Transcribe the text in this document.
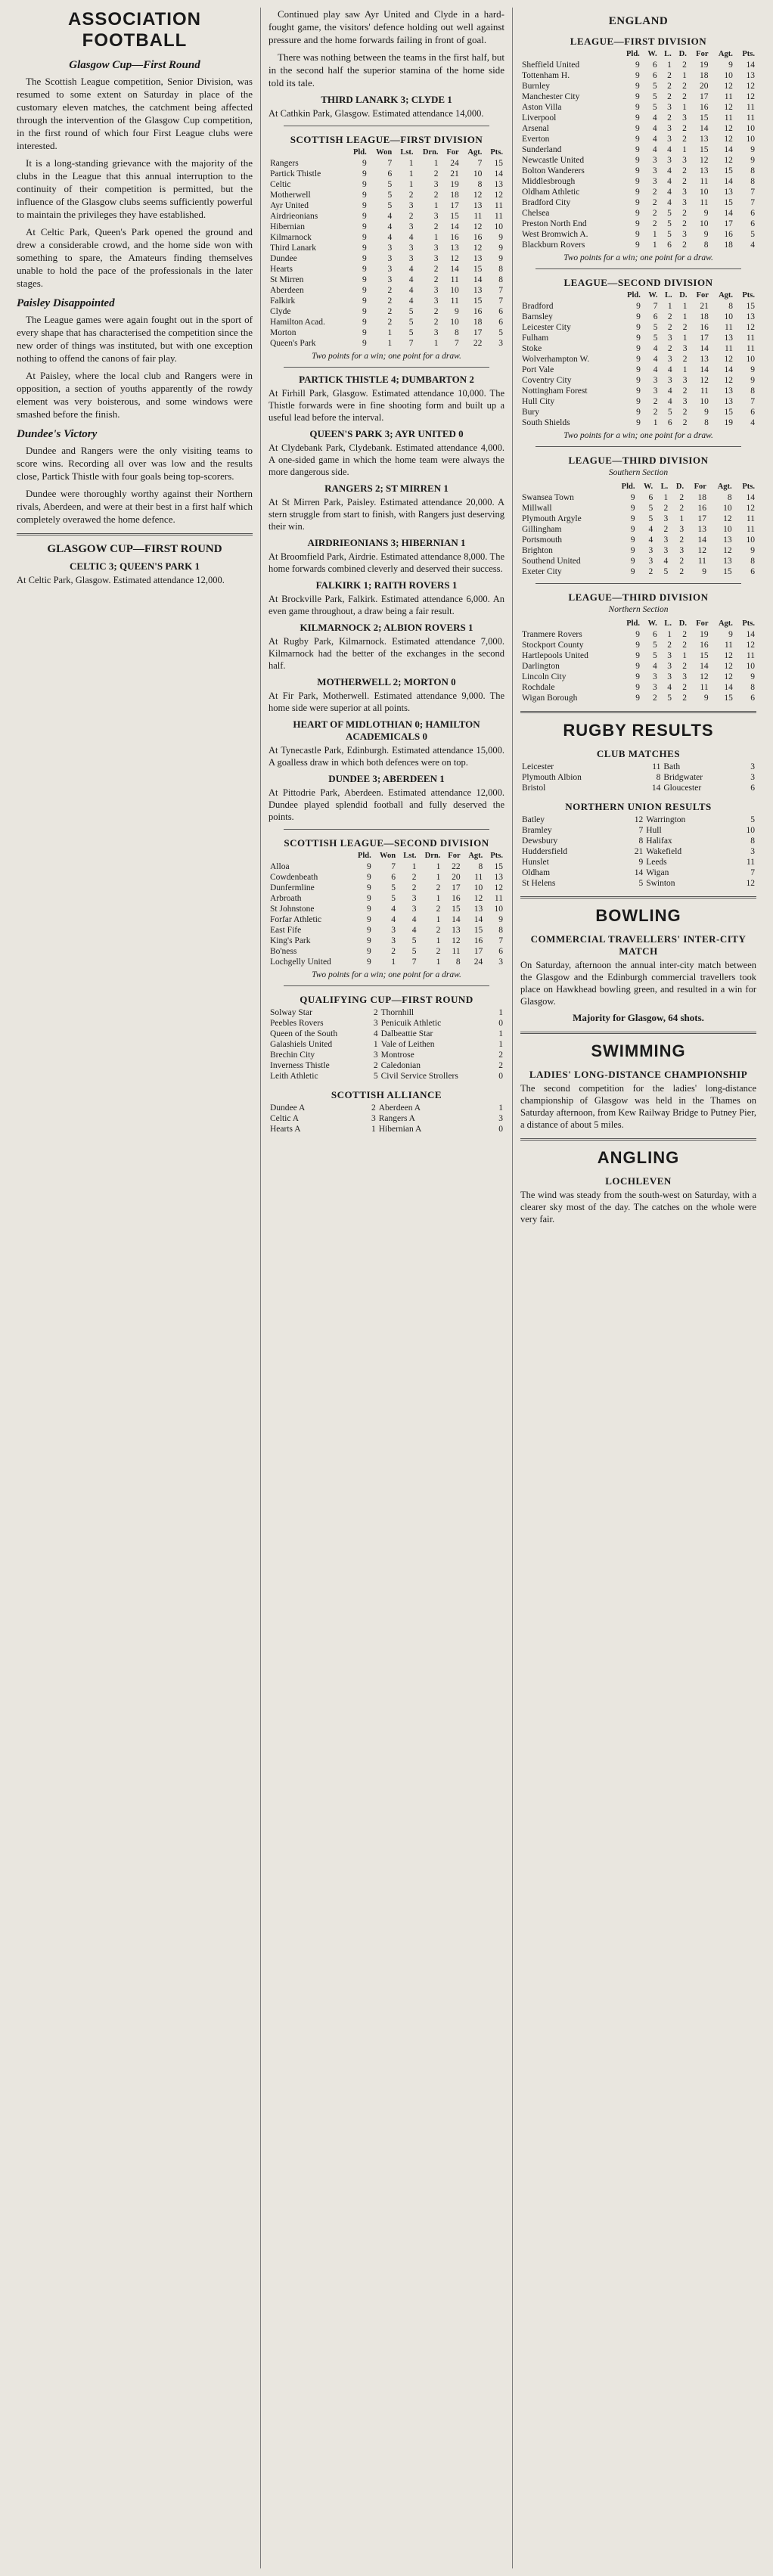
ASSOCIATION FOOTBALL
Glasgow Cup—First Round

The Scottish League competition, Senior Division, was resumed to some extent on Saturday in place of the customary eleven matches, the catchment being affected through the intervention of the Glasgow Cup competition, in the first round of which four First League clubs were interested.

It is a long-standing grievance with the majority of the clubs in the League that this annual interruption to the continuity of their competition is permitted, but the influence of the Glasgow clubs seems sufficiently powerful to maintain the privileges they have established.

At Celtic Park, Queen's Park opened the ground and drew a considerable crowd, and the home side won with something to spare, the Amateurs finding themselves unable to hold the pace of the professionals in the later stages.

Paisley Disappointed

The League games were again fought out in the sport of every shape that has characterised the competition since the new order of things was instituted, but with one exception nothing to offend the canons of fair play.

At Paisley, where the local club and Rangers were in opposition, a section of youths apparently of the rowdy element was very boisterous, and some windows were smashed before the finish.

Dundee's Victory

Dundee and Rangers were the only visiting teams to score wins. Recording all over was low and the results close, Partick Thistle with four goals being top-scorers.

Dundee were thoroughly worthy against their Northern rivals, Aberdeen, and were at their best in a first half which completely overawed the home defence.

GLASGOW CUP—FIRST ROUND
CELTIC 3; QUEEN'S PARK 1

At Celtic Park, Glasgow. Estimated attendance 12,000.

Continued play saw Ayr United and Clyde in a hard-fought game, the visitors' defence holding out well against pressure and the home forwards failing in front of goal.

There was nothing between the teams in the first half, but in the second half the superior stamina of the home side told its tale.

THIRD LANARK 3; CLYDE 1

At Cathkin Park, Glasgow. Estimated attendance 14,000.

SCOTTISH LEAGUE—FIRST DIVISION
	Pld.	Won	Lst.	Drn.	For	Agt.	Pts.
Rangers	9	7	1	1	24	7	15
Partick Thistle	9	6	1	2	21	10	14
Celtic	9	5	1	3	19	8	13
Motherwell	9	5	2	2	18	12	12
Ayr United	9	5	3	1	17	13	11
Airdrieonians	9	4	2	3	15	11	11
Hibernian	9	4	3	2	14	12	10
Kilmarnock	9	4	4	1	16	16	9
Third Lanark	9	3	3	3	13	12	9
Dundee	9	3	3	3	12	13	9
Hearts	9	3	4	2	14	15	8
St Mirren	9	3	4	2	11	14	8
Aberdeen	9	2	4	3	10	13	7
Falkirk	9	2	4	3	11	15	7
Clyde	9	2	5	2	9	16	6
Hamilton Acad.	9	2	5	2	10	18	6
Morton	9	1	5	3	8	17	5
Queen's Park	9	1	7	1	7	22	3
Two points for a win; one point for a draw.
PARTICK THISTLE 4; DUMBARTON 2

At Firhill Park, Glasgow. Estimated attendance 10,000. The Thistle forwards were in fine shooting form and built up a useful lead before the interval.

QUEEN'S PARK 3; AYR UNITED 0

At Clydebank Park, Clydebank. Estimated attendance 4,000. A one-sided game in which the home team were always the more dangerous side.

RANGERS 2; ST MIRREN 1

At St Mirren Park, Paisley. Estimated attendance 20,000. A stern struggle from start to finish, with Rangers just deserving their win.

AIRDRIEONIANS 3; HIBERNIAN 1

At Broomfield Park, Airdrie. Estimated attendance 8,000. The home forwards combined cleverly and deserved their success.

FALKIRK 1; RAITH ROVERS 1

At Brockville Park, Falkirk. Estimated attendance 6,000. An even game throughout, a draw being a fair result.

KILMARNOCK 2; ALBION ROVERS 1

At Rugby Park, Kilmarnock. Estimated attendance 7,000. Kilmarnock had the better of the exchanges in the second half.

MOTHERWELL 2; MORTON 0

At Fir Park, Motherwell. Estimated attendance 9,000. The home side were superior at all points.

HEART OF MIDLOTHIAN 0; HAMILTON ACADEMICALS 0

At Tynecastle Park, Edinburgh. Estimated attendance 15,000. A goalless draw in which both defences were on top.

DUNDEE 3; ABERDEEN 1

At Pittodrie Park, Aberdeen. Estimated attendance 12,000. Dundee played splendid football and fully deserved the points.

SCOTTISH LEAGUE—SECOND DIVISION
	Pld.	Won	Lst.	Drn.	For	Agt.	Pts.
Alloa	9	7	1	1	22	8	15
Cowdenbeath	9	6	2	1	20	11	13
Dunfermline	9	5	2	2	17	10	12
Arbroath	9	5	3	1	16	12	11
St Johnstone	9	4	3	2	15	13	10
Forfar Athletic	9	4	4	1	14	14	9
East Fife	9	3	4	2	13	15	8
King's Park	9	3	5	1	12	16	7
Bo'ness	9	2	5	2	11	17	6
Lochgelly United	9	1	7	1	8	24	3
Two points for a win; one point for a draw.
QUALIFYING CUP—FIRST ROUND
Solway Star	2	Thornhill	1
Peebles Rovers	3	Penicuik Athletic	0
Queen of the South	4	Dalbeattie Star	1
Galashiels United	1	Vale of Leithen	1
Brechin City	3	Montrose	2
Inverness Thistle	2	Caledonian	2
Leith Athletic	5	Civil Service Strollers	0
SCOTTISH ALLIANCE
Dundee A	2	Aberdeen A	1
Celtic A	3	Rangers A	3
Hearts A	1	Hibernian A	0
ENGLAND
LEAGUE—FIRST DIVISION
	Pld.	W.	L.	D.	For	Agt.	Pts.
Sheffield United	9	6	1	2	19	9	14
Tottenham H.	9	6	2	1	18	10	13
Burnley	9	5	2	2	20	12	12
Manchester City	9	5	2	2	17	11	12
Aston Villa	9	5	3	1	16	12	11
Liverpool	9	4	2	3	15	11	11
Arsenal	9	4	3	2	14	12	10
Everton	9	4	3	2	13	12	10
Sunderland	9	4	4	1	15	14	9
Newcastle United	9	3	3	3	12	12	9
Bolton Wanderers	9	3	4	2	13	15	8
Middlesbrough	9	3	4	2	11	14	8
Oldham Athletic	9	2	4	3	10	13	7
Bradford City	9	2	4	3	11	15	7
Chelsea	9	2	5	2	9	14	6
Preston North End	9	2	5	2	10	17	6
West Bromwich A.	9	1	5	3	9	16	5
Blackburn Rovers	9	1	6	2	8	18	4
Two points for a win; one point for a draw.
LEAGUE—SECOND DIVISION
	Pld.	W.	L.	D.	For	Agt.	Pts.
Bradford	9	7	1	1	21	8	15
Barnsley	9	6	2	1	18	10	13
Leicester City	9	5	2	2	16	11	12
Fulham	9	5	3	1	17	13	11
Stoke	9	4	2	3	14	11	11
Wolverhampton W.	9	4	3	2	13	12	10
Port Vale	9	4	4	1	14	14	9
Coventry City	9	3	3	3	12	12	9
Nottingham Forest	9	3	4	2	11	13	8
Hull City	9	2	4	3	10	13	7
Bury	9	2	5	2	9	15	6
South Shields	9	1	6	2	8	19	4
Two points for a win; one point for a draw.
LEAGUE—THIRD DIVISION
Southern Section
	Pld.	W.	L.	D.	For	Agt.	Pts.
Swansea Town	9	6	1	2	18	8	14
Millwall	9	5	2	2	16	10	12
Plymouth Argyle	9	5	3	1	17	12	11
Gillingham	9	4	2	3	13	10	11
Portsmouth	9	4	3	2	14	13	10
Brighton	9	3	3	3	12	12	9
Southend United	9	3	4	2	11	13	8
Exeter City	9	2	5	2	9	15	6
LEAGUE—THIRD DIVISION
Northern Section
	Pld.	W.	L.	D.	For	Agt.	Pts.
Tranmere Rovers	9	6	1	2	19	9	14
Stockport County	9	5	2	2	16	11	12
Hartlepools United	9	5	3	1	15	12	11
Darlington	9	4	3	2	14	12	10
Lincoln City	9	3	3	3	12	12	9
Rochdale	9	3	4	2	11	14	8
Wigan Borough	9	2	5	2	9	15	6
RUGBY RESULTS
CLUB MATCHES
Leicester	11	Bath	3
Plymouth Albion	8	Bridgwater	3
Bristol	14	Gloucester	6
NORTHERN UNION RESULTS
Batley	12	Warrington	5
Bramley	7	Hull	10
Dewsbury	8	Halifax	8
Huddersfield	21	Wakefield	3
Hunslet	9	Leeds	11
Oldham	14	Wigan	7
St Helens	5	Swinton	12
BOWLING
COMMERCIAL TRAVELLERS' INTER-CITY MATCH

On Saturday, afternoon the annual inter-city match between the Glasgow and the Edinburgh commercial travellers took place on Hawkhead bowling green, and resulted in a win for Glasgow.

Majority for Glasgow, 64 shots.
SWIMMING
LADIES' LONG-DISTANCE CHAMPIONSHIP

The second competition for the ladies' long-distance championship of Glasgow was held in the Thames on Saturday afternoon, from Kew Railway Bridge to Putney Pier, a distance of about 5 miles.

ANGLING
LOCHLEVEN

The wind was steady from the south-west on Saturday, with a clearer sky most of the day. The catches on the whole were very fair.
